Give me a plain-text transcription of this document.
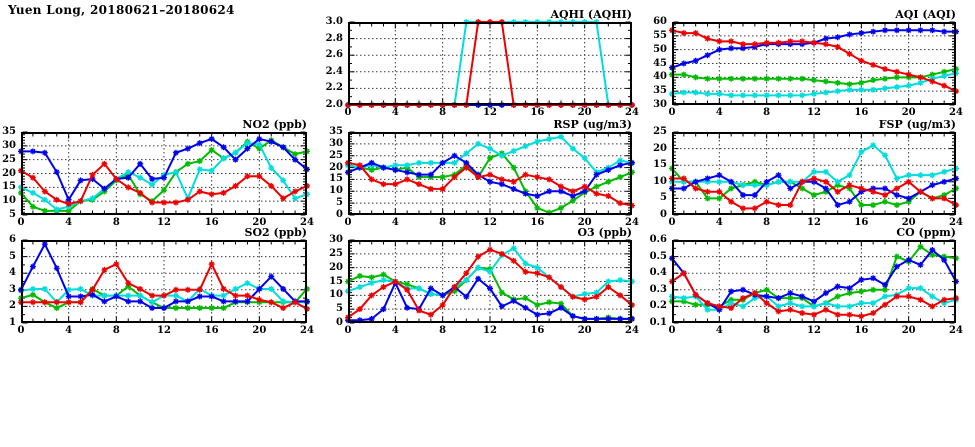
Yuen Long, 20180621–20180624	AQHI (AQHI)
2.0
2.2
2.4
2.6
2.8
3.0
0	4	8	12	16	20	24
AQI (AQI)
30
35
40
45
50
55
60
0	4	8	12	16	20	24
NO2 (ppb)
5
10
15
20
25
30
35
0	4	8	12	16	20	24
RSP (ug/m3)
0
5
10
15
20
25
30
35
0	4	8	12	16	20	24
FSP (ug/m3)
0
5
10
15
20
25
0	4	8	12	16	20	24
SO2 (ppb)
1
2
3
4
5
6
0	4	8	12	16	20	24
O3 (ppb)
0
5
10
15
20
25
30
0	4	8	12	16	20	24
CO (ppm)
0.1
0.2
0.3
0.4
0.5
0.6
0	4	8	12	16	20	24
